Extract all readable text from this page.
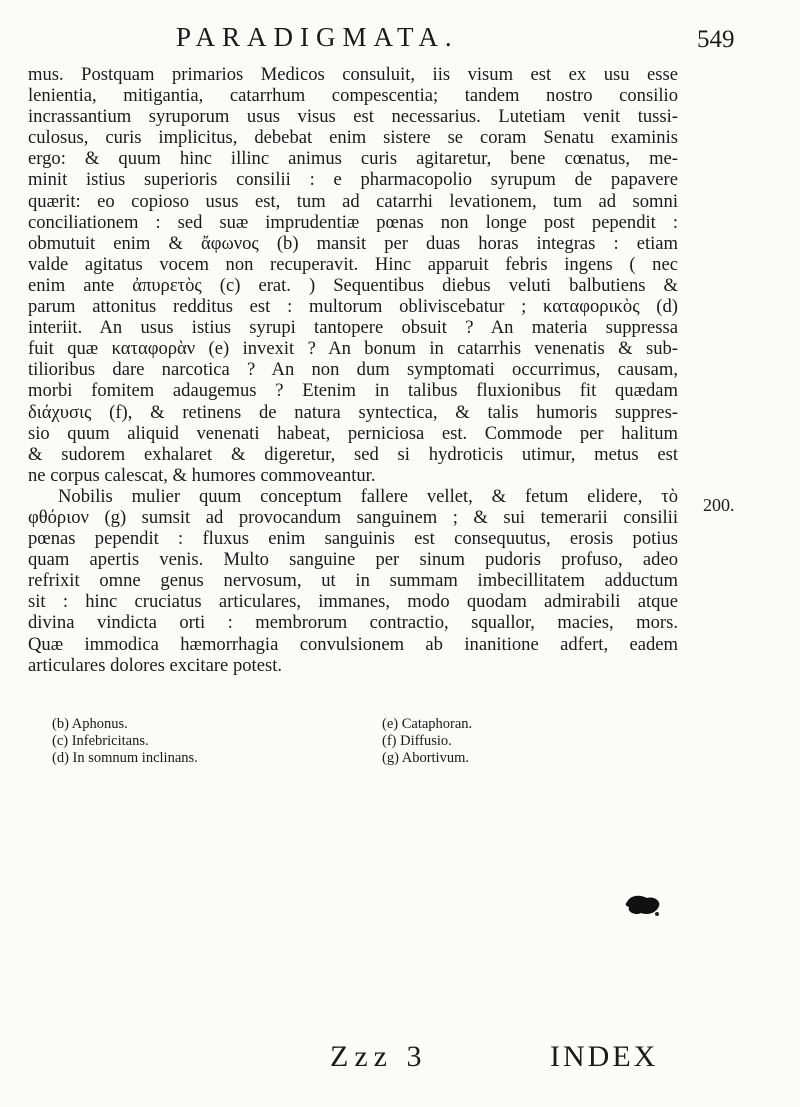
PARADIGMATA.	549
mus. Postquam primarios Medicos consuluit, iis visum est ex usu esse
lenientia, mitigantia, catarrhum compescentia; tandem nostro consilio
incrassantium syruporum usus visus est necessarius. Lutetiam venit tussi-
culosus, curis implicitus, debebat enim sistere se coram Senatu examinis
ergo: & quum hinc illinc animus curis agitaretur, bene cœnatus, me-
minit istius superioris consilii : e pharmacopolio syrupum de papavere
quærit: eo copioso usus est, tum ad catarrhi levationem, tum ad somni
conciliationem : sed suæ imprudentiæ pœnas non longe post pependit :
obmutuit enim & ἄφωνος (b) mansit per duas horas integras : etiam
valde agitatus vocem non recuperavit. Hinc apparuit febris ingens ( nec
enim ante ἀπυρετὸς (c) erat. ) Sequentibus diebus veluti balbutiens &
parum attonitus redditus est : multorum obliviscebatur ; καταφορικὸς (d)
interiit. An usus istius syrupi tantopere obsuit ? An materia suppressa
fuit quæ καταφορὰν (e) invexit ? An bonum in catarrhis venenatis & sub-
tilioribus dare narcotica ? An non dum symptomati occurrimus, causam,
morbi fomitem adaugemus ? Etenim in talibus fluxionibus fit quædam
διάχυσις (f), & retinens de natura syntectica, & talis humoris suppres-
sio quum aliquid venenati habeat, perniciosa est. Commode per halitum
& sudorem exhalaret & digeretur, sed si hydroticis utimur, metus est
ne corpus calescat, & humores commoveantur.
Nobilis mulier quum conceptum fallere vellet, & fetum elidere, τὸ
φθόριον (g) sumsit ad provocandum sanguinem ; & sui temerarii consilii
pœnas pependit : fluxus enim sanguinis est consequutus, erosis potius
quam apertis venis. Multo sanguine per sinum pudoris profuso, adeo
refrixit omne genus nervosum, ut in summam imbecillitatem adductum
sit : hinc cruciatus articulares, immanes, modo quodam admirabili atque
divina vindicta orti : membrorum contractio, squallor, macies, mors.
Quæ immodica hæmorrhagia convulsionem ab inanitione adfert, eadem
articulares dolores excitare potest.
200.
(b) Aphonus.
(c) Infebricitans.
(d) In somnum inclinans.
(e) Cataphoran.
(f) Diffusio.
(g) Abortivum.
Zzz 3	INDEX
